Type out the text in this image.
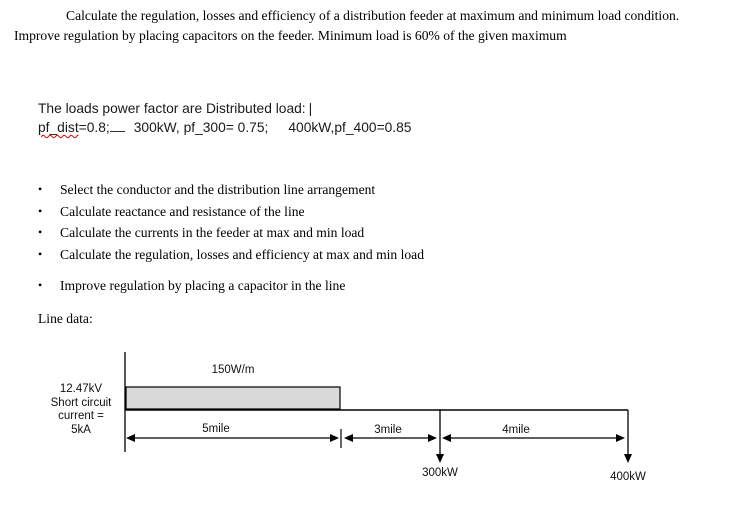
Calculate the regulation, losses and efficiency of a distribution feeder at maximum and minimum load condition. Improve regulation by placing capacitors on the feeder. Minimum load is 60% of the given maximum

The loads power factor are Distributed load: |
pf_dist=0.8; 300kW, pf_300= 0.75; 400kW,pf_400=0.85
•	Select the conductor and the distribution line arrangement
•	Calculate reactance and resistance of the line
•	Calculate the currents in the feeder at max and min load
•	Calculate the regulation, losses and efficiency at max and min load
•	Improve regulation by placing a capacitor in the line

Line data:

150W/m
12.47kV
Short circuit
current =
5kA	5mile	3mile	4mile
300kW	400kW
